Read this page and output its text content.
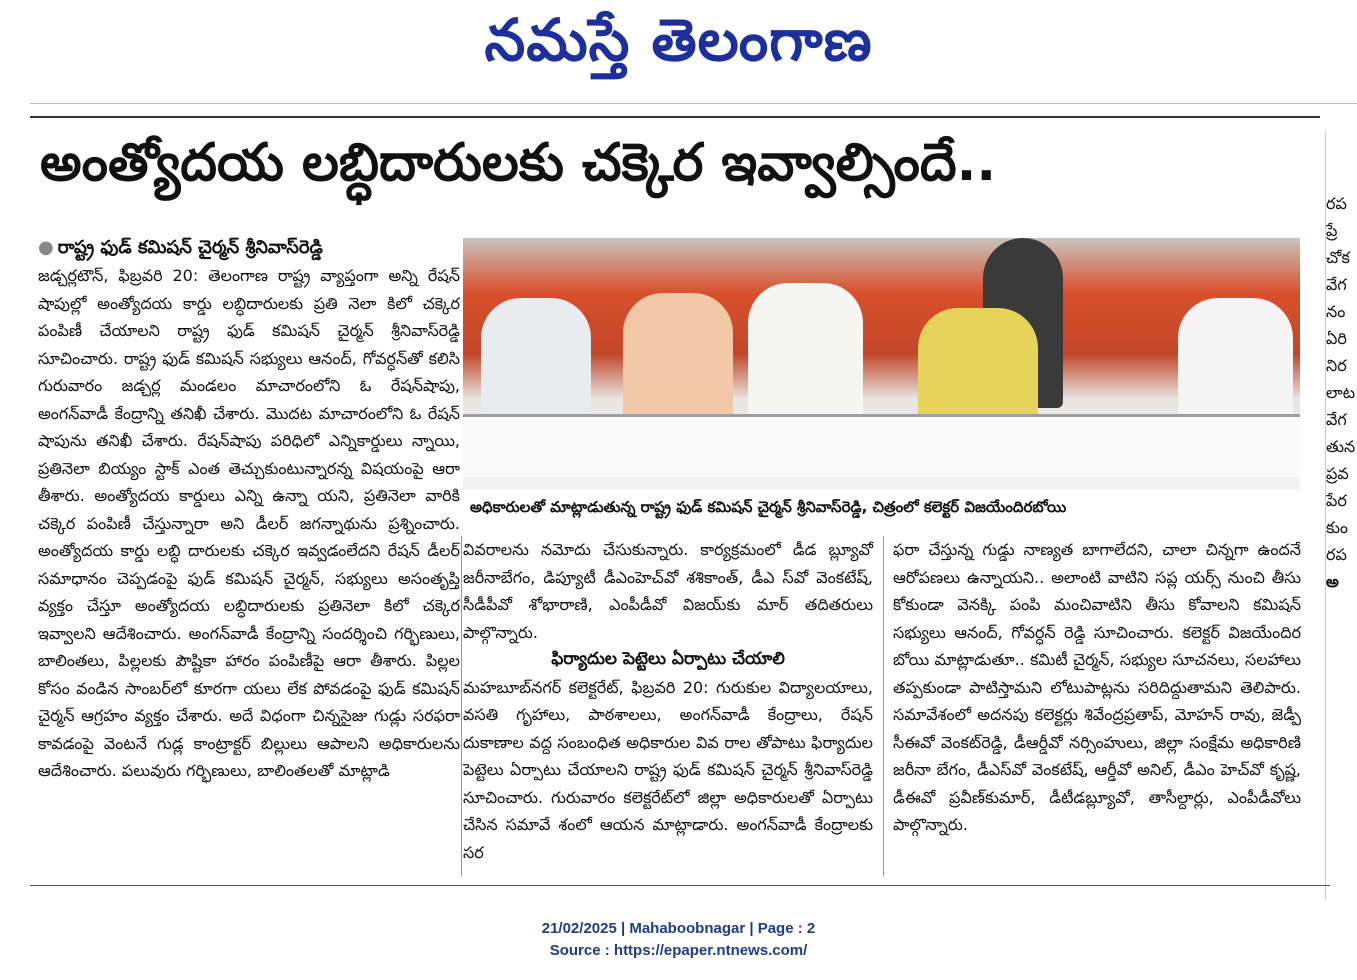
నమస్తే తెలంగాణ
అంత్యోదయ లబ్ధిదారులకు చక్కెర ఇవ్వాల్సిందే..
● రాష్ట్ర ఫుడ్ కమిషన్ చైర్మన్ శ్రీనివాస్‌రెడ్డి
జడ్చర్లటౌన్, ఫిబ్రవరి 20: తెలంగాణ రాష్ట్ర వ్యాప్తంగా అన్ని రేషన్ షాపుల్లో అంత్యోదయ కార్డు లబ్ధిదారులకు ప్రతి నెలా కిలో చక్కెర పంపిణీ చేయాలని రాష్ట్ర ఫుడ్ కమిషన్ చైర్మన్ శ్రీనివాస్‌రెడ్డి సూచించారు. రాష్ట్ర ఫుడ్ కమిషన్ సభ్యులు ఆనంద్, గోవర్ధన్‌తో కలిసి గురువారం జడ్చర్ల మండలం మాచారంలోని ఓ రేషన్‌షాపు, అంగన్‌వాడీ కేంద్రాన్ని తనిఖీ చేశారు. మొదట మాచారంలోని ఓ రేషన్ షాపును తనిఖీ చేశారు. రేషన్‌షాపు పరిధిలో ఎన్నికార్డులు న్నాయి, ప్రతినెలా బియ్యం స్టాక్ ఎంత తెచ్చుకుంటున్నారన్న విషయంపై ఆరా తీశారు. అంత్యోదయ కార్డులు ఎన్ని ఉన్నా యని, ప్రతినెలా వారికి చక్కెర పంపిణీ చేస్తున్నారా అని డీలర్ జగన్నాథును ప్రశ్నించారు. అంత్యోదయ కార్డు లబ్ధి దారులకు చక్కెర ఇవ్వడంలేదని రేషన్ డీలర్ సమాధానం చెప్పడంపై ఫుడ్ కమిషన్ చైర్మన్, సభ్యులు అసంతృప్తి వ్యక్తం చేస్తూ అంత్యోదయ లబ్ధిదారులకు ప్రతినెలా కిలో చక్కెర ఇవ్వాలని ఆదేశించారు. అంగన్‌వాడీ కేంద్రాన్ని సందర్శించి గర్భిణులు, బాలింతలు, పిల్లలకు పౌష్టికా హారం పంపిణీపై ఆరా తీశారు. పిల్లల కోసం వండిన సాంబర్‌లో కూరగా యలు లేక పోవడంపై ఫుడ్ కమిషన్ చైర్మన్ ఆగ్రహం వ్యక్తం చేశారు. అదే విధంగా చిన్నసైజు గుడ్లు సరఫరా కావడంపై వెంటనే గుడ్ల కాంట్రాక్టర్ బిల్లులు ఆపాలని అధికారులను ఆదేశించారు. పలువురు గర్భిణులు, బాలింతలతో మాట్లాడి
అధికారులతో మాట్లాడుతున్న రాష్ట్ర ఫుడ్ కమిషన్ చైర్మన్ శ్రీనివాస్‌రెడ్డి, చిత్రంలో కలెక్టర్ విజయేందిరబోయి
వివరాలను నమోదు చేసుకున్నారు. కార్యక్రమంలో డీడ బ్ల్యూవో జరీనాబేగం, డిప్యూటీ డీఎంహెచ్‌వో శశికాంత్, డీఎ స్‌వో వెంకటేష్, సీడీపీవో శోభారాణి, ఎంపీడీవో విజయ్‌కు మార్ తదితరులు పాల్గొన్నారు.
ఫిర్యాదుల పెట్టెలు ఏర్పాటు చేయాలి
మహబూబ్‌నగర్ కలెక్టరేట్, ఫిబ్రవరి 20: గురుకుల విద్యాలయాలు, వసతి గృహాలు, పాఠశాలలు, అంగన్‌వాడీ కేంద్రాలు, రేషన్ దుకాణాల వద్ద సంబంధిత అధికారుల వివ రాల తోపాటు ఫిర్యాదుల పెట్టెలు ఏర్పాటు చేయాలని రాష్ట్ర ఫుడ్ కమిషన్ చైర్మన్ శ్రీనివాస్‌రెడ్డి సూచించారు. గురువారం కలెక్టరేట్‌లో జిల్లా అధికారులతో ఏర్పాటు చేసిన సమావే శంలో ఆయన మాట్లాడారు. అంగన్‌వాడీ కేంద్రాలకు సర
ఫరా చేస్తున్న గుడ్డు నాణ్యత బాగాలేదని, చాలా చిన్నగా ఉందనే ఆరోపణలు ఉన్నాయని.. అలాంటి వాటిని సప్ల యర్స్ నుంచి తీసు కోకుండా వెనక్కి పంపి మంచివాటిని తీసు కోవాలని కమిషన్ సభ్యులు ఆనంద్, గోవర్ధన్ రెడ్డి సూచించారు. కలెక్టర్ విజయేందిర బోయి మాట్లాడుతూ.. కమిటీ చైర్మన్, సభ్యుల సూచనలు, సలహాలు తప్పకుండా పాటిస్తామని లోటుపాట్లను సరిదిద్దుతామని తెలిపారు. సమావేశంలో అదనపు కలెక్టర్లు శివేంద్రప్రతాప్, మోహన్ రావు, జెడ్పీ సీఈవో వెంకట్‌రెడ్డి, డీఆర్డీవో నర్సింహులు, జిల్లా సంక్షేమ అధికారిణి జరీనా బేగం, డీఎస్‌వో వెంకటేష్, ఆర్డీవో అనిల్, డీఎం హెచ్‌వో కృష్ణ, డీఈవో ప్రవీణ్‌కుమార్, డీటీడబ్ల్యూవో, తాసీల్దార్లు, ఎంపీడీవోలు పాల్గొన్నారు.
రప
ప్రే
చోక
వేగ
నం
ఏరి
నిర
లాట
వేగ
తున
ప్రవ
పేర
కుం
రప
అ
21/02/2025 | Mahaboobnagar | Page : 2
Source : https://epaper.ntnews.com/
